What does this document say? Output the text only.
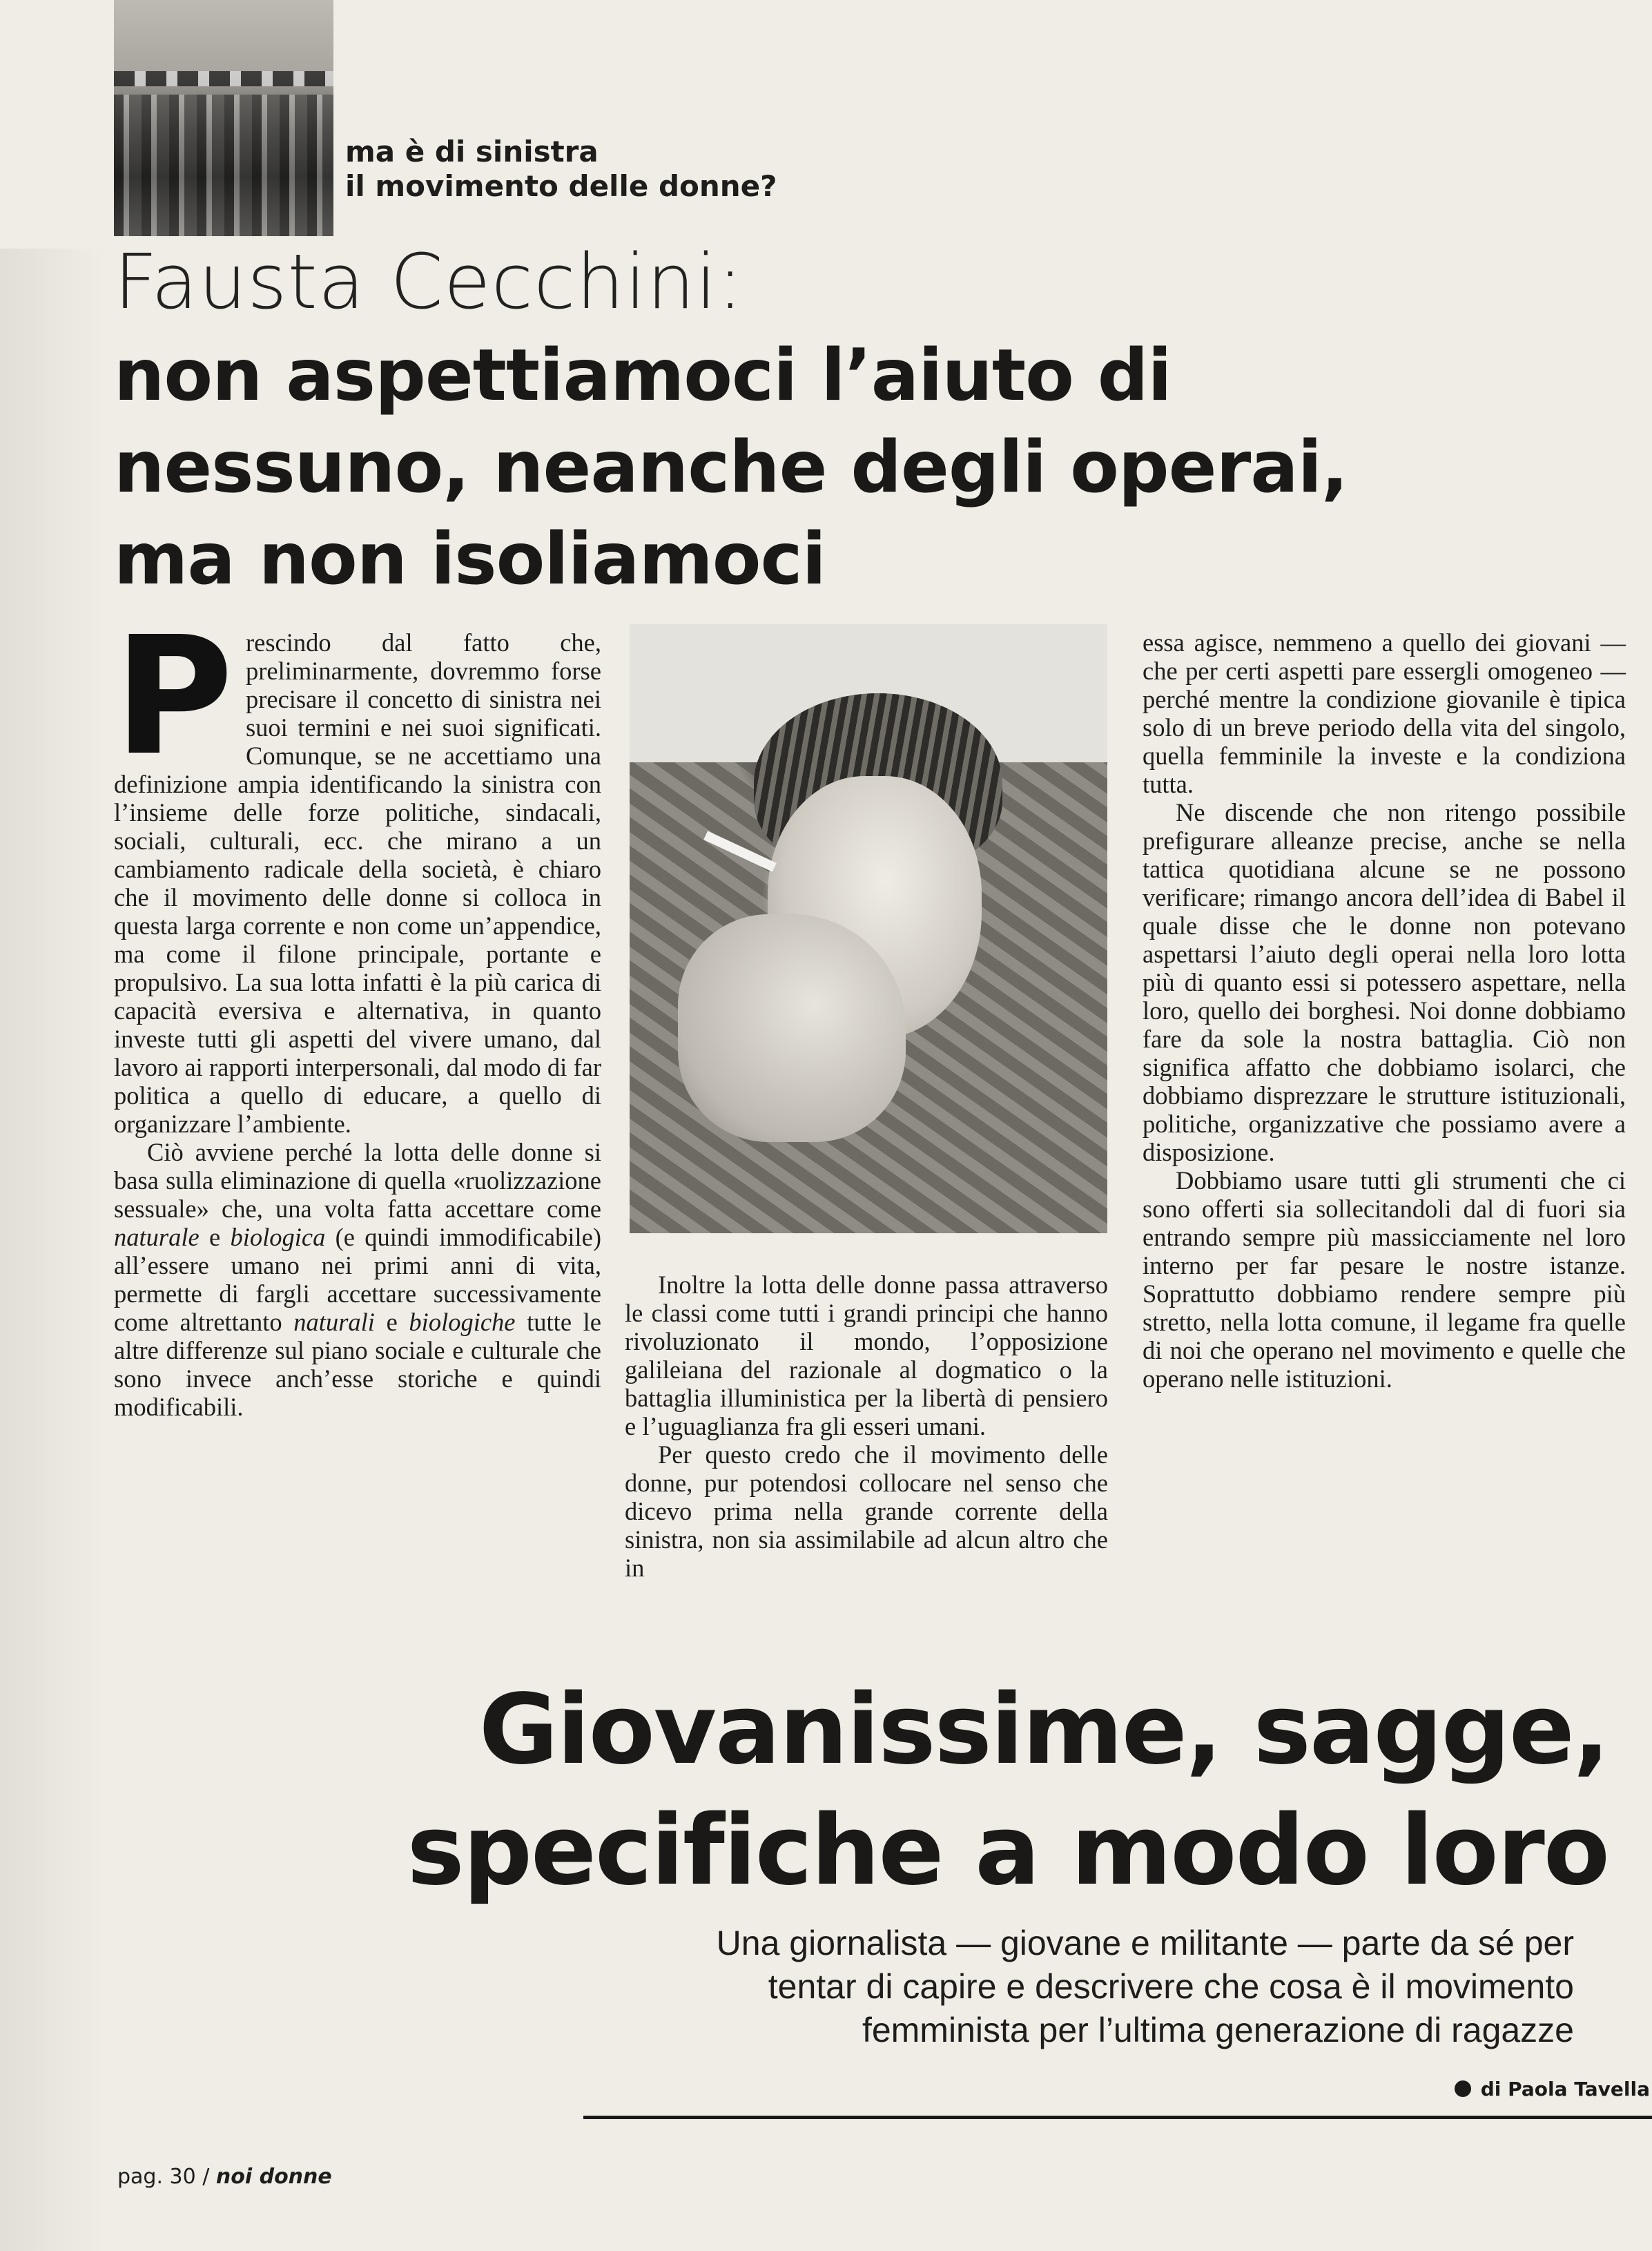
ma è di sinistra
il movimento delle donne?
Fausta Cecchini:
non aspettiamoci l’aiuto di
nessuno, neanche degli operai,
ma non isoliamoci

Prescindo dal fatto che, preliminarmente, dovremmo forse precisare il concetto di sinistra nei suoi termini e nei suoi significati. Comunque, se ne accettiamo una definizione ampia identificando la sinistra con l’insieme delle forze politiche, sindacali, sociali, culturali, ecc. che mirano a un cambiamento radicale della società, è chiaro che il movimento delle donne si colloca in questa larga corrente e non come un’appendice, ma come il filone principale, portante e propulsivo. La sua lotta infatti è la più carica di capacità eversiva e alternativa, in quanto investe tutti gli aspetti del vivere umano, dal lavoro ai rapporti interpersonali, dal modo di far politica a quello di educare, a quello di organizzare l’ambiente.

Ciò avviene perché la lotta delle donne si basa sulla eliminazione di quella «ruolizzazione sessuale» che, una volta fatta accettare come naturale e biologica (e quindi immodificabile) all’essere umano nei primi anni di vita, permette di fargli accettare successivamente come altrettanto naturali e biologiche tutte le altre differenze sul piano sociale e culturale che sono invece anch’esse storiche e quindi modificabili.

Inoltre la lotta delle donne passa attraverso le classi come tutti i grandi principi che hanno rivoluzionato il mondo, l’opposizione galileiana del razionale al dogmatico o la battaglia illuministica per la libertà di pensiero e l’uguaglianza fra gli esseri umani.

Per questo credo che il movimento delle donne, pur potendosi collocare nel senso che dicevo prima nella grande corrente della sinistra, non sia assimilabile ad alcun altro che in

essa agisce, nemmeno a quello dei giovani — che per certi aspetti pare essergli omogeneo — perché mentre la condizione giovanile è tipica solo di un breve periodo della vita del singolo, quella femminile la investe e la condiziona tutta.

Ne discende che non ritengo possibile prefigurare alleanze precise, anche se nella tattica quotidiana alcune se ne possono verificare; rimango ancora dell’idea di Babel il quale disse che le donne non potevano aspettarsi l’aiuto degli operai nella loro lotta più di quanto essi si potessero aspettare, nella loro, quello dei borghesi. Noi donne dobbiamo fare da sole la nostra battaglia. Ciò non significa affatto che dobbiamo isolarci, che dobbiamo disprezzare le strutture istituzionali, politiche, organizzative che possiamo avere a disposizione.

Dobbiamo usare tutti gli strumenti che ci sono offerti sia sollecitandoli dal di fuori sia entrando sempre più massicciamente nel loro interno per far pesare le nostre istanze. Soprattutto dobbiamo rendere sempre più stretto, nella lotta comune, il legame fra quelle di noi che operano nel movimento e quelle che operano nelle istituzioni.

Giovanissime, sagge,
specifiche a modo loro
Una giornalista — giovane e militante — parte da sé per
tentar di capire e descrivere che cosa è il movimento
femminista per l’ultima generazione di ragazze
di Paola Tavella
pag. 30 / noi donne
